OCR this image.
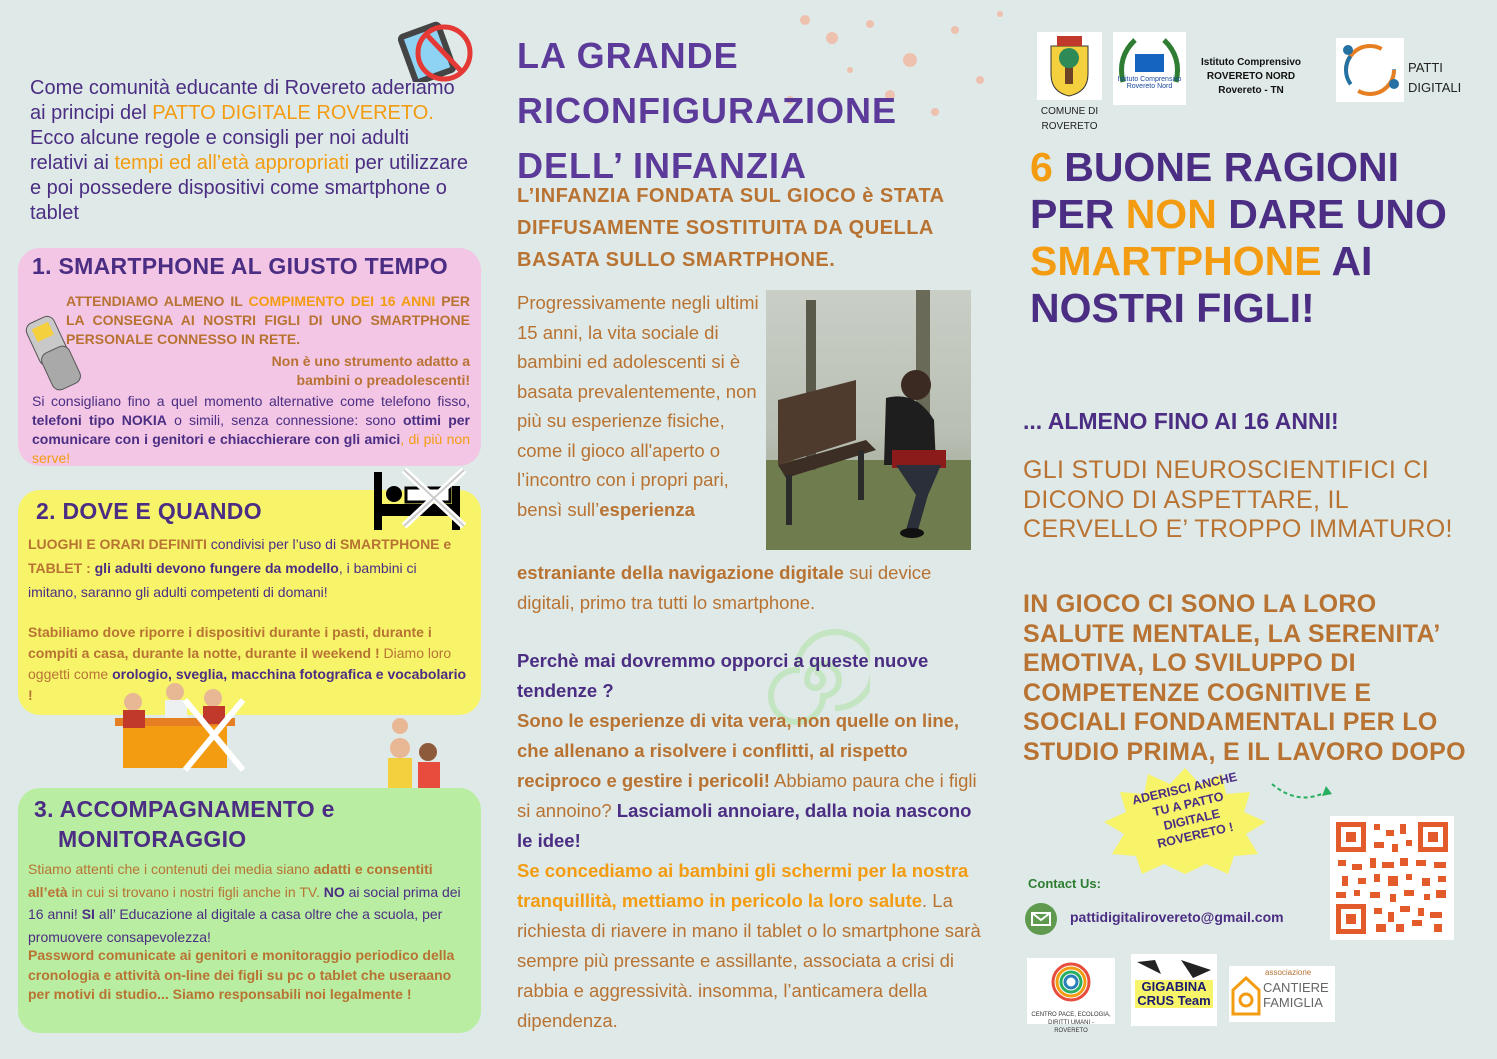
Come comunità educante di Rovereto aderiamo ai principi del PATTO DIGITALE ROVERETO. Ecco alcune regole e consigli per noi adulti relativi ai tempi ed all’età appropriati per utilizzare e poi possedere dispositivi come smartphone o tablet
1. SMARTPHONE AL GIUSTO TEMPO
ATTENDIAMO ALMENO IL COMPIMENTO DEI 16 ANNI PER LA CONSEGNA AI NOSTRI FIGLI DI UNO SMARTPHONE PERSONALE CONNESSO IN RETE.
Non è uno strumento adatto a bambini o preadolescenti!
Si consigliano fino a quel momento alternative come telefono fisso, telefoni tipo NOKIA o simili, senza connessione: sono ottimi per comunicare con i genitori e chiacchierare con gli amici, di più non serve!
2. DOVE E QUANDO
LUOGHI E ORARI DEFINITI condivisi per l’uso di SMARTPHONE e TABLET : gli adulti devono fungere da modello, i bambini ci imitano, saranno gli adulti competenti di domani!
Stabiliamo dove riporre i dispositivi durante i pasti, durante i compiti a casa, durante la notte, durante il weekend ! Diamo loro oggetti come orologio, sveglia, macchina fotografica e vocabolario !
3. ACCOMPAGNAMENTO e
MONITORAGGIO
Stiamo attenti che i contenuti dei media siano adatti e consentiti all’età in cui si trovano i nostri figli anche in TV. NO ai social prima dei 16 anni! SI all’ Educazione al digitale a casa oltre che a scuola, per promuovere consapevolezza!
Password comunicate ai genitori e monitoraggio periodico della cronologia e attività on-line dei figli su pc o tablet che useraano per motivi di studio... Siamo responsabili noi legalmente !
LA GRANDE RICONFIGURAZIONE DELL’ INFANZIA
L’INFANZIA FONDATA SUL GIOCO è STATA DIFFUSAMENTE SOSTITUITA DA QUELLA BASATA SULLO SMARTPHONE.
Progressivamente negli ultimi 15 anni, la vita sociale di bambini ed adolescenti si è basata prevalentemente, non più su esperienze fisiche, come il gioco all'aperto o l’incontro con i propri pari, bensì sull’esperienza
estraniante della navigazione digitale sui device digitali, primo tra tutti lo smartphone.
Perchè mai dovremmo opporci a queste nuove tendenze ?
Sono le esperienze di vita vera, non quelle on line, che allenano a risolvere i conflitti, al rispetto reciproco e gestire i pericoli! Abbiamo paura che i figli si annoino? Lasciamoli annoiare, dalla noia nascono le idee!
Se concediamo ai bambini gli schermi per la nostra tranquillità, mettiamo in pericolo la loro salute. La richiesta di riavere in mano il tablet o lo smartphone sarà sempre più pressante e assillante, associata a crisi di rabbia e aggressività. insomma, l’anticamera della dipendenza.
COMUNE DI ROVERETO
Istituto Comprensivo Rovereto Nord
Istituto Comprensivo ROVERETO NORD Rovereto - TN
PATTI DIGITALI
6 BUONE RAGIONI PER NON DARE UNO SMARTPHONE AI NOSTRI FIGLI!
... ALMENO FINO AI 16 ANNI!
GLI STUDI NEUROSCIENTIFICI CI DICONO DI ASPETTARE, IL CERVELLO E’ TROPPO IMMATURO!
IN GIOCO CI SONO LA LORO SALUTE MENTALE, LA SERENITA’ EMOTIVA, LO SVILUPPO DI COMPETENZE COGNITIVE E SOCIALI FONDAMENTALI PER LO STUDIO PRIMA, E IL LAVORO DOPO
ADERISCI ANCHE TU A PATTO DIGITALE ROVERETO !
Contact Us:
pattidigitalirovereto@gmail.com
CENTRO PACE, ECOLOGIA, DIRITTI UMANI - ROVERETO
GIGABINA CRUS Team
associazione
CANTIERE FAMIGLIA
